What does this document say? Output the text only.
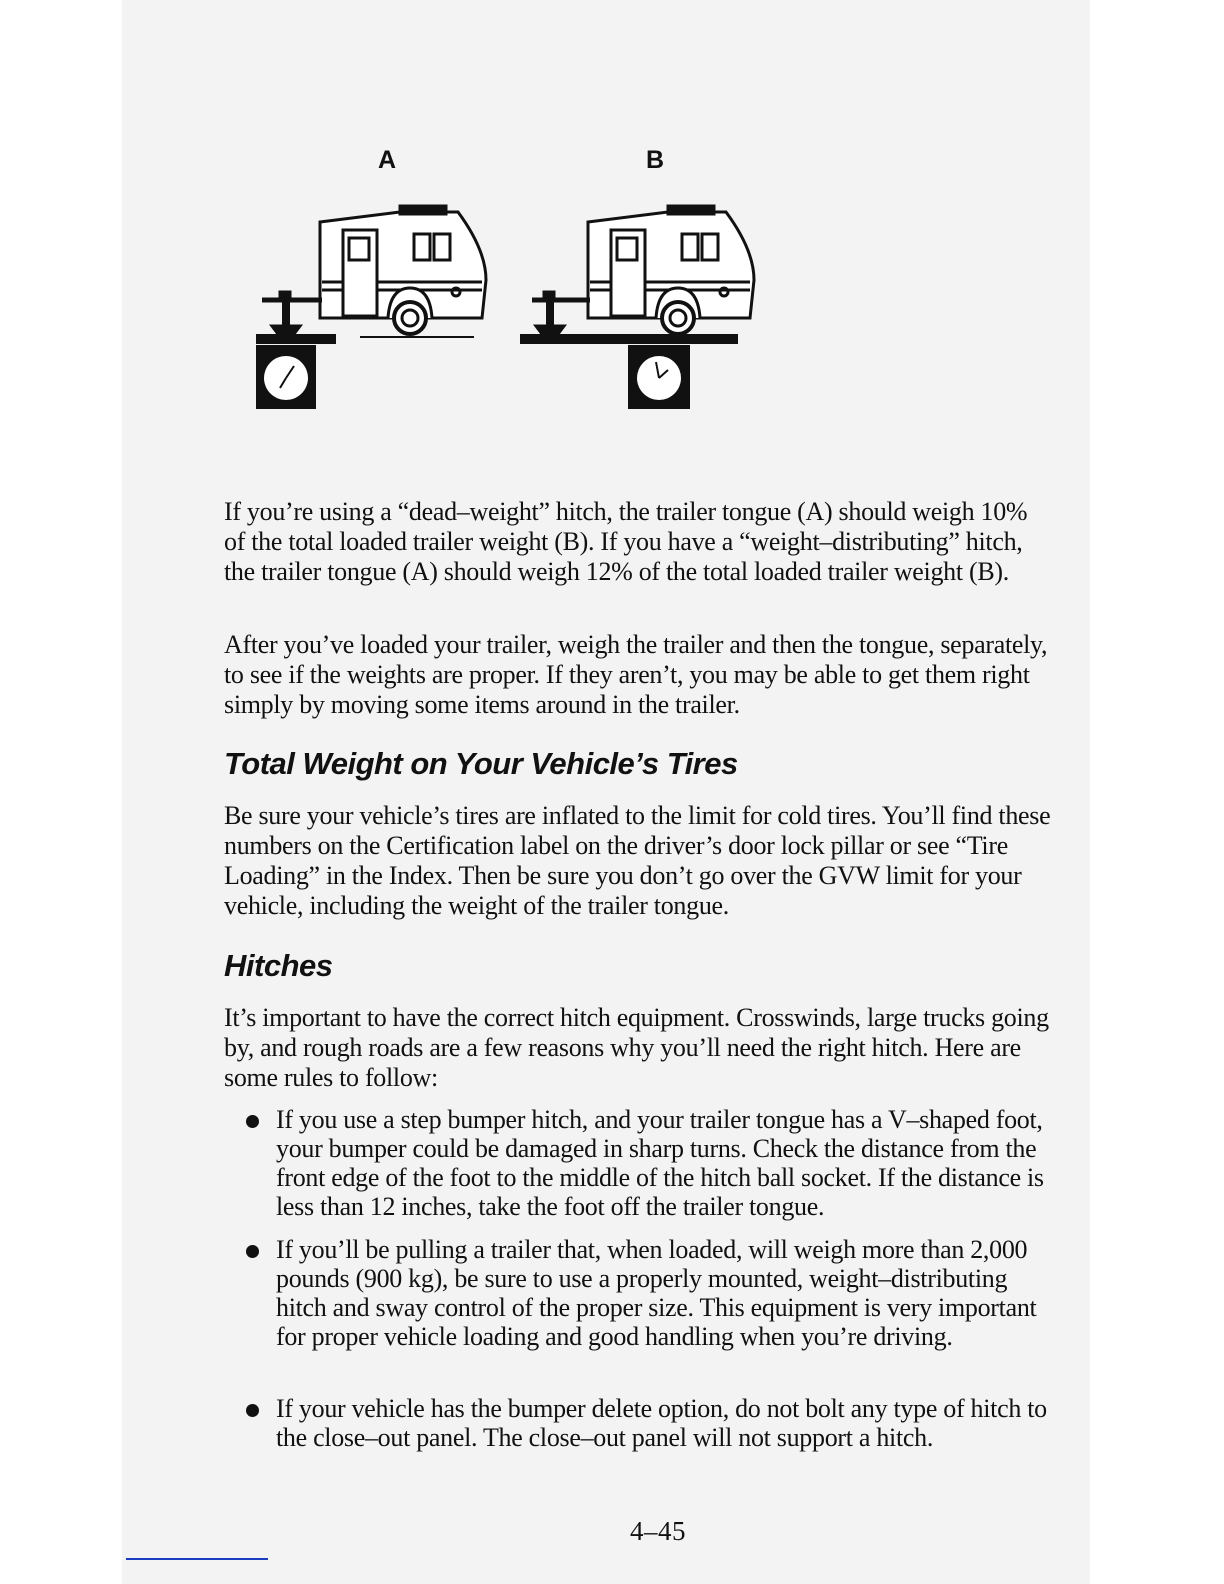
A	B

If you’re using a “dead–weight” hitch, the trailer tongue (A) should weigh 10% of the total loaded trailer weight (B). If you have a “weight–distributing” hitch, the trailer tongue (A) should weigh 12% of the total loaded trailer weight (B).

After you’ve loaded your trailer, weigh the trailer and then the tongue, separately, to see if the weights are proper. If they aren’t, you may be able to get them right simply by moving some items around in the trailer.

Total Weight on Your Vehicle’s Tires

Be sure your vehicle’s tires are inflated to the limit for cold tires. You’ll find these numbers on the Certification label on the driver’s door lock pillar or see “Tire Loading” in the Index. Then be sure you don’t go over the GVW limit for your vehicle, including the weight of the trailer tongue.

Hitches

It’s important to have the correct hitch equipment. Crosswinds, large trucks going by, and rough roads are a few reasons why you’ll need the right hitch. Here are some rules to follow:

If you use a step bumper hitch, and your trailer tongue has a V–shaped foot, your bumper could be damaged in sharp turns. Check the distance from the front edge of the foot to the middle of the hitch ball socket. If the distance is less than 12 inches, take the foot off the trailer tongue.
If you’ll be pulling a trailer that, when loaded, will weigh more than 2,000 pounds (900 kg), be sure to use a properly mounted, weight–distributing hitch and sway control of the proper size. This equipment is very important for proper vehicle loading and good handling when you’re driving.
If your vehicle has the bumper delete option, do not bolt any type of hitch to the close–out panel. The close–out panel will not support a hitch.
4–45
